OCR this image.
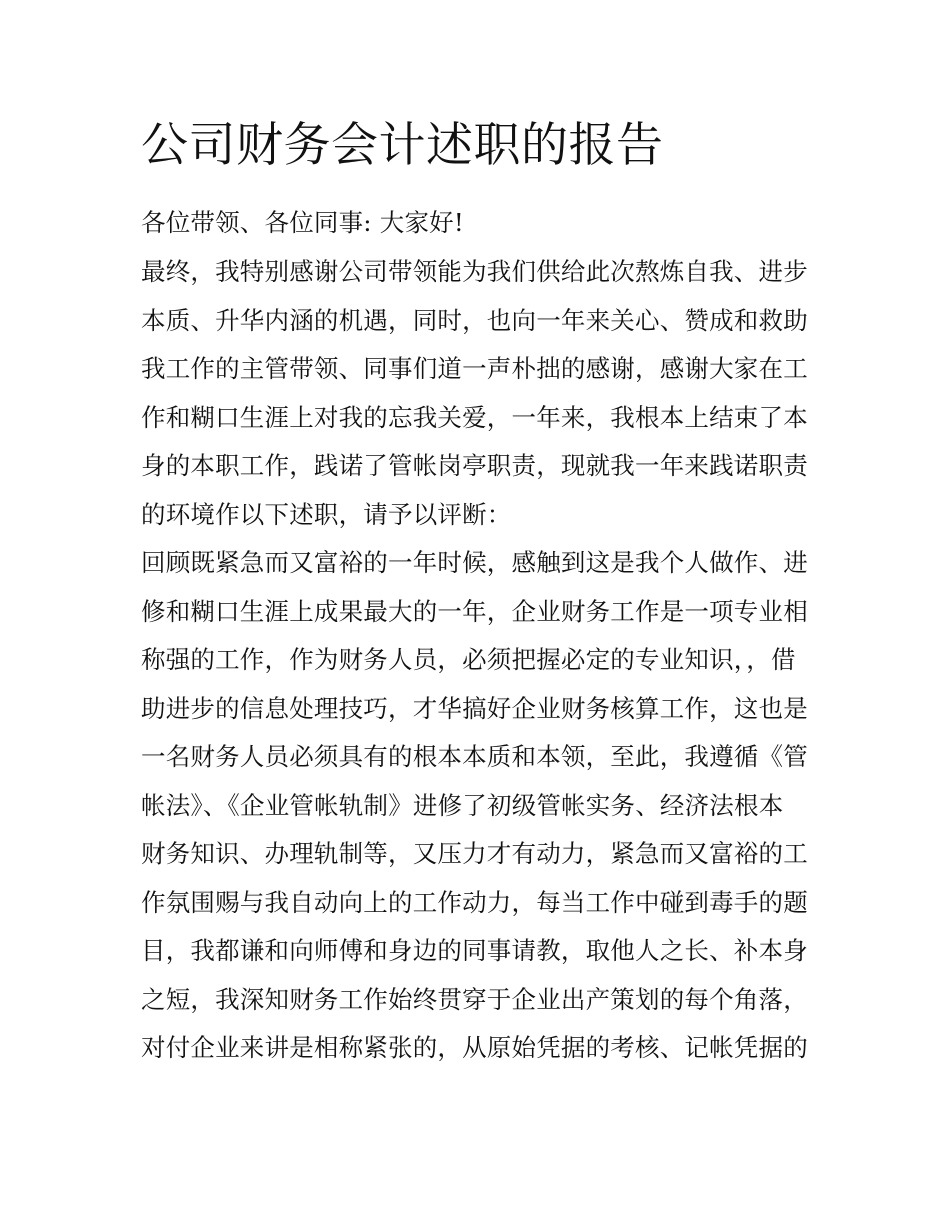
公司财务会计述职的报告
各位带领、各位同事: 大家好!
最终，我特别感谢公司带领能为我们供给此次熬炼自我、进步
本质、升华内涵的机遇，同时，也向一年来关心、赞成和救助
我工作的主管带领、同事们道一声朴拙的感谢，感谢大家在工
作和糊口生涯上对我的忘我关爱，一年来，我根本上结束了本
身的本职工作，践诺了管帐岗亭职责，现就我一年来践诺职责
的环境作以下述职，请予以评断：
回顾既紧急而又富裕的一年时候，感触到这是我个人做作、进
修和糊口生涯上成果最大的一年，企业财务工作是一项专业相
称强的工作，作为财务人员，必须把握必定的专业知识，，借
助进步的信息处理技巧，才华搞好企业财务核算工作，这也是
一名财务人员必须具有的根本本质和本领，至此，我遵循《管
帐法》、《企业管帐轨制》进修了初级管帐实务、经济法根本
财务知识、办理轨制等，又压力才有动力，紧急而又富裕的工
作氛围赐与我自动向上的工作动力，每当工作中碰到毒手的题
目，我都谦和向师傅和身边的同事请教，取他人之长、补本身
之短，我深知财务工作始终贯穿于企业出产策划的每个角落，
对付企业来讲是相称紧张的，从原始凭据的考核、记帐凭据的
